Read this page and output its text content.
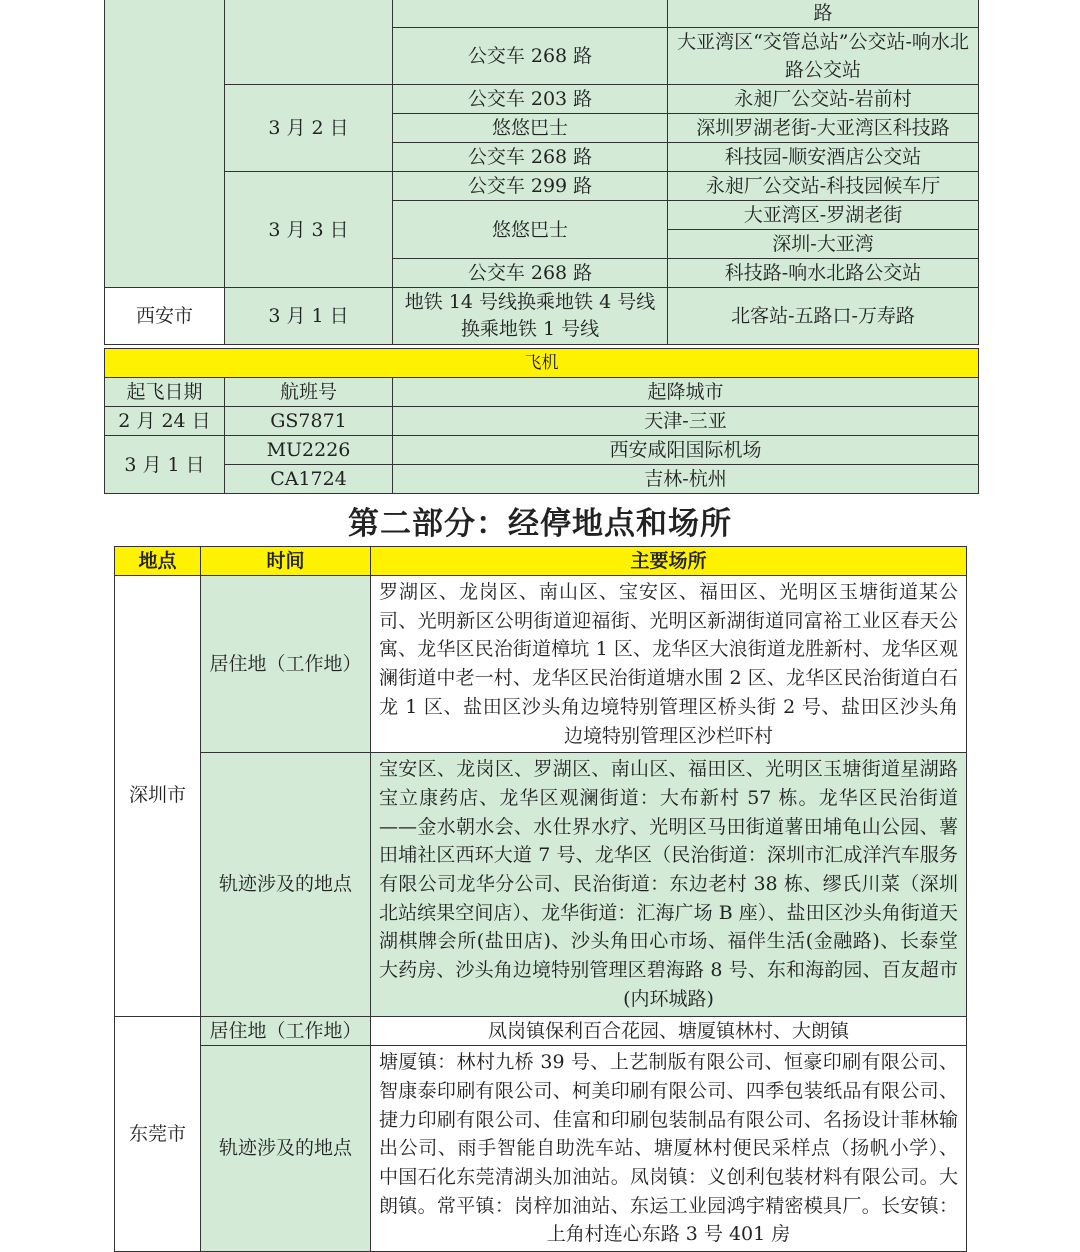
			路
		公交车 268 路	大亚湾区“交管总站”公交站-响水北路公交站

	3 月 2 日	公交车 203 路	永昶厂公交站-岩前村
		悠悠巴士	深圳罗湖老街-大亚湾区科技路
		公交车 268 路	科技园-顺安酒店公交站
	3 月 3 日	公交车 299 路	永昶厂公交站-科技园候车厅
		悠悠巴士	大亚湾区-罗湖老街
			深圳-大亚湾
		公交车 268 路	科技路-响水北路公交站

西安市	3 月 1 日	地铁 14 号线换乘地铁 4 号线换乘地铁 1 号线	北客站-五路口-万寿路
飞机		
起飞日期	航班号	起降城市
2 月 24 日	GS7871	天津-三亚
3 月 1 日	MU2226	西安咸阳国际机场
	CA1724	吉林-杭州
第二部分：经停地点和场所
地点	时间	主要场所
深圳市	居住地（工作地）	罗湖区、龙岗区、南山区、宝安区、福田区、光明区玉塘街道某公司、光明新区公明街道迎福街、光明区新湖街道同富裕工业区春天公寓、龙华区民治街道樟坑 1 区、龙华区大浪街道龙胜新村、龙华区观澜街道中老一村、龙华区民治街道塘水围 2 区、龙华区民治街道白石龙 1 区、盐田区沙头角边境特别管理区桥头街 2 号、盐田区沙头角边境特别管理区沙栏吓村
	轨迹涉及的地点	宝安区、龙岗区、罗湖区、南山区、福田区、光明区玉塘街道星湖路宝立康药店、龙华区观澜街道：大布新村 57 栋。龙华区民治街道——金水朝水会、水仕界水疗、光明区马田街道薯田埔龟山公园、薯田埔社区西环大道 7 号、龙华区（民治街道：深圳市汇成洋汽车服务有限公司龙华分公司、民治街道：东边老村 38 栋、缪氏川菜（深圳北站缤果空间店）、龙华街道：汇海广场 B 座）、盐田区沙头角街道天湖棋牌会所(盐田店)、沙头角田心市场、福伴生活(金融路)、长泰堂大药房、沙头角边境特别管理区碧海路 8 号、东和海韵园、百友超市(内环城路)
东莞市	居住地（工作地）	凤岗镇保利百合花园、塘厦镇林村、大朗镇
	轨迹涉及的地点	塘厦镇：林村九桥 39 号、上艺制版有限公司、恒豪印刷有限公司、智康泰印刷有限公司、柯美印刷有限公司、四季包装纸品有限公司、捷力印刷有限公司、佳富和印刷包装制品有限公司、名扬设计菲林输出公司、雨手智能自助洗车站、塘厦林村便民采样点（扬帆小学）、中国石化东莞清湖头加油站。凤岗镇：义创利包装材料有限公司。大朗镇。常平镇：岗梓加油站、东运工业园鸿宇精密模具厂。长安镇：上角村连心东路 3 号 401 房
